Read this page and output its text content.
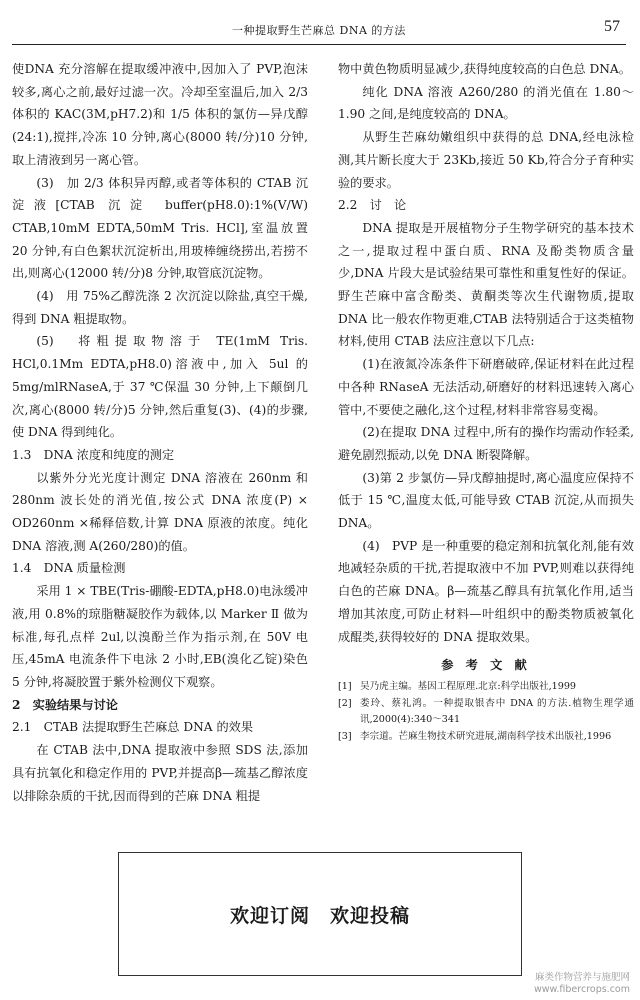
一种提取野生芒麻总 DNA 的方法	57

使DNA 充分溶解在提取缓冲液中,因加入了 PVP,泡沫较多,离心之前,最好过滤一次。冷却至室温后,加入 2/3 体积的 KAC(3M,pH7.2)和 1/5 体积的氯仿—异戊醇(24:1),搅拌,冷冻 10 分钟,离心(8000 转/分)10 分钟,取上清液到另一离心管。

(3)　加 2/3 体积异丙醇,或者等体积的 CTAB 沉淀液[CTAB 沉淀 buffer(pH8.0):1%(V/W) CTAB,10mM EDTA,50mM Tris. HCl],室温放置 20 分钟,有白色絮状沉淀析出,用玻棒缠绕捞出,若捞不出,则离心(12000 转/分)8 分钟,取管底沉淀物。

(4)　用 75%乙醇洗涤 2 次沉淀以除盐,真空干燥,得到 DNA 粗提取物。

(5)　将粗提取物溶于 TE(1mM Tris. HCl,0.1Mm EDTA,pH8.0)溶液中,加入 5ul 的 5mg/mlRNaseA,于 37 ℃保温 30 分钟,上下颠倒几次,离心(8000 转/分)5 分钟,然后重复(3)、(4)的步骤,使 DNA 得到纯化。

1.3　DNA 浓度和纯度的测定

以紫外分光光度计测定 DNA 溶液在 260nm 和 280nm 波长处的消光值,按公式 DNA 浓度(P) × OD260nm ×稀释倍数,计算 DNA 原液的浓度。纯化 DNA 溶液,测 A(260/280)的值。

1.4　DNA 质量检测

采用 1 × TBE(Tris-硼酸-EDTA,pH8.0)电泳缓冲液,用 0.8%的琼脂糖凝胶作为载体,以 Marker Ⅱ 做为标准,每孔点样 2ul,以溴酚兰作为指示剂,在 50V 电压,45mA 电流条件下电泳 2 小时,EB(溴化乙锭)染色 5 分钟,将凝胶置于紫外检测仪下观察。

2　实验结果与讨论

2.1　CTAB 法提取野生芒麻总 DNA 的效果

在 CTAB 法中,DNA 提取液中参照 SDS 法,添加具有抗氧化和稳定作用的 PVP,并提高β—巯基乙醇浓度以排除杂质的干扰,因而得到的芒麻 DNA 粗提

物中黄色物质明显减少,获得纯度较高的白色总 DNA。

纯化 DNA 溶液 A260/280 的消光值在 1.80～1.90 之间,是纯度较高的 DNA。

从野生芒麻幼嫩组织中获得的总 DNA,经电泳检测,其片断长度大于 23Kb,接近 50 Kb,符合分子育种实验的要求。

2.2　讨　论

DNA 提取是开展植物分子生物学研究的基本技术之一,提取过程中蛋白质、RNA 及酚类物质含量少,DNA 片段大是试验结果可靠性和重复性好的保证。野生芒麻中富含酚类、黄酮类等次生代谢物质,提取 DNA 比一般农作物更难,CTAB 法特别适合于这类植物材料,使用 CTAB 法应注意以下几点:

(1)在液氮冷冻条件下研磨破碎,保证材料在此过程中各种 RNaseA 无法活动,研磨好的材料迅速转入离心管中,不要使之融化,这个过程,材料非常容易变褐。

(2)在提取 DNA 过程中,所有的操作均需动作轻柔,避免剧烈振动,以免 DNA 断裂降解。

(3)第 2 步氯仿—异戊醇抽提时,离心温度应保持不低于 15 ℃,温度太低,可能导致 CTAB 沉淀,从而损失 DNA。

(4)　PVP 是一种重要的稳定剂和抗氧化剂,能有效地减轻杂质的干扰,若提取液中不加 PVP,则难以获得纯白色的芒麻 DNA。β—巯基乙醇具有抗氧化作用,适当增加其浓度,可防止材料—叶组织中的酚类物质被氧化成醌类,获得较好的 DNA 提取效果。

参 考 文 献
[1] 吴乃虎主编。基因工程原理.北京:科学出版社,1999
[2] 娄玲、蔡礼鸿。一种提取银杏中 DNA 的方法.植物生理学通讯,2000(4):340～341
[3] 李宗道。芒麻生物技术研究进展,湖南科学技术出版社,1996
欢迎订阅　欢迎投稿
麻类作物营养与施肥网
www.fibercrops.com
